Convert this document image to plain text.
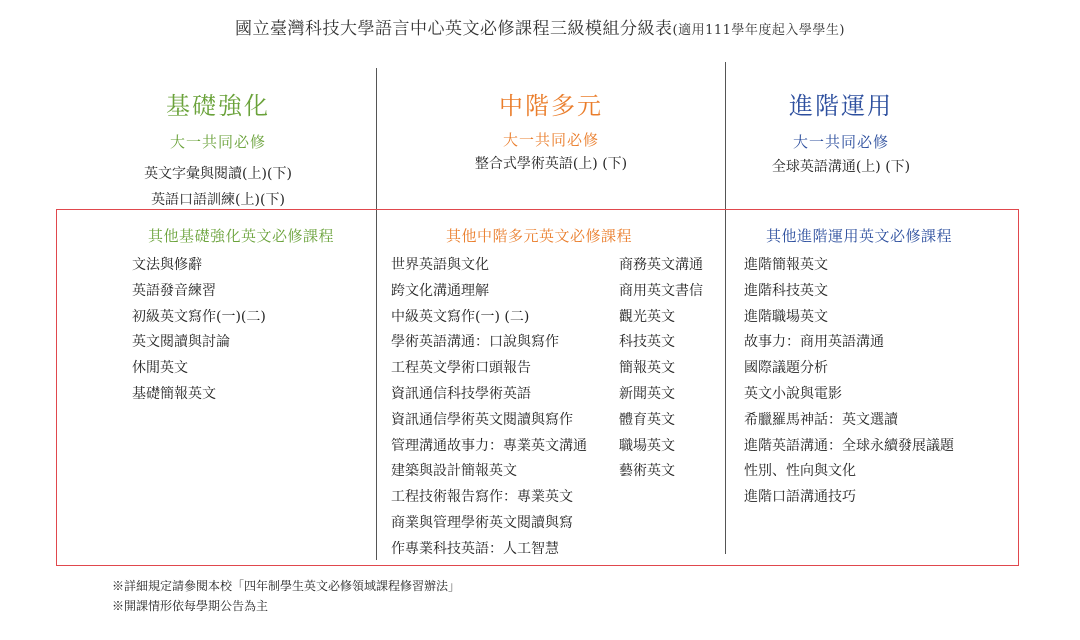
國立臺灣科技大學語言中心英文必修課程三級模組分級表(適用111學年度起入學學生)
基礎強化
大一共同必修
英文字彙與閱讀(上)(下)
英語口語訓練(上)(下)
中階多元
大一共同必修
整合式學術英語(上) (下)
進階運用
大一共同必修
全球英語溝通(上) (下)
其他基礎強化英文必修課程	其他中階多元英文必修課程	其他進階運用英文必修課程
文法與修辭
英語發音練習
初級英文寫作(一)(二)
英文閱讀與討論
休閒英文
基礎簡報英文
世界英語與文化
跨文化溝通理解
中級英文寫作(一) (二)
學術英語溝通：口說與寫作
工程英文學術口頭報告
資訊通信科技學術英語
資訊通信學術英文閱讀與寫作
管理溝通故事力：專業英文溝通
建築與設計簡報英文
工程技術報告寫作：專業英文
商業與管理學術英文閱讀與寫
作專業科技英語：人工智慧
商務英文溝通
商用英文書信
觀光英文
科技英文
簡報英文
新聞英文
體育英文
職場英文
藝術英文
進階簡報英文
進階科技英文
進階職場英文
故事力：商用英語溝通
國際議題分析
英文小說與電影
希臘羅馬神話：英文選讀
進階英語溝通：全球永續發展議題
性別、性向與文化
進階口語溝通技巧
※詳細規定請參閱本校「四年制學生英文必修領域課程修習辦法」
※開課情形依每學期公告為主
